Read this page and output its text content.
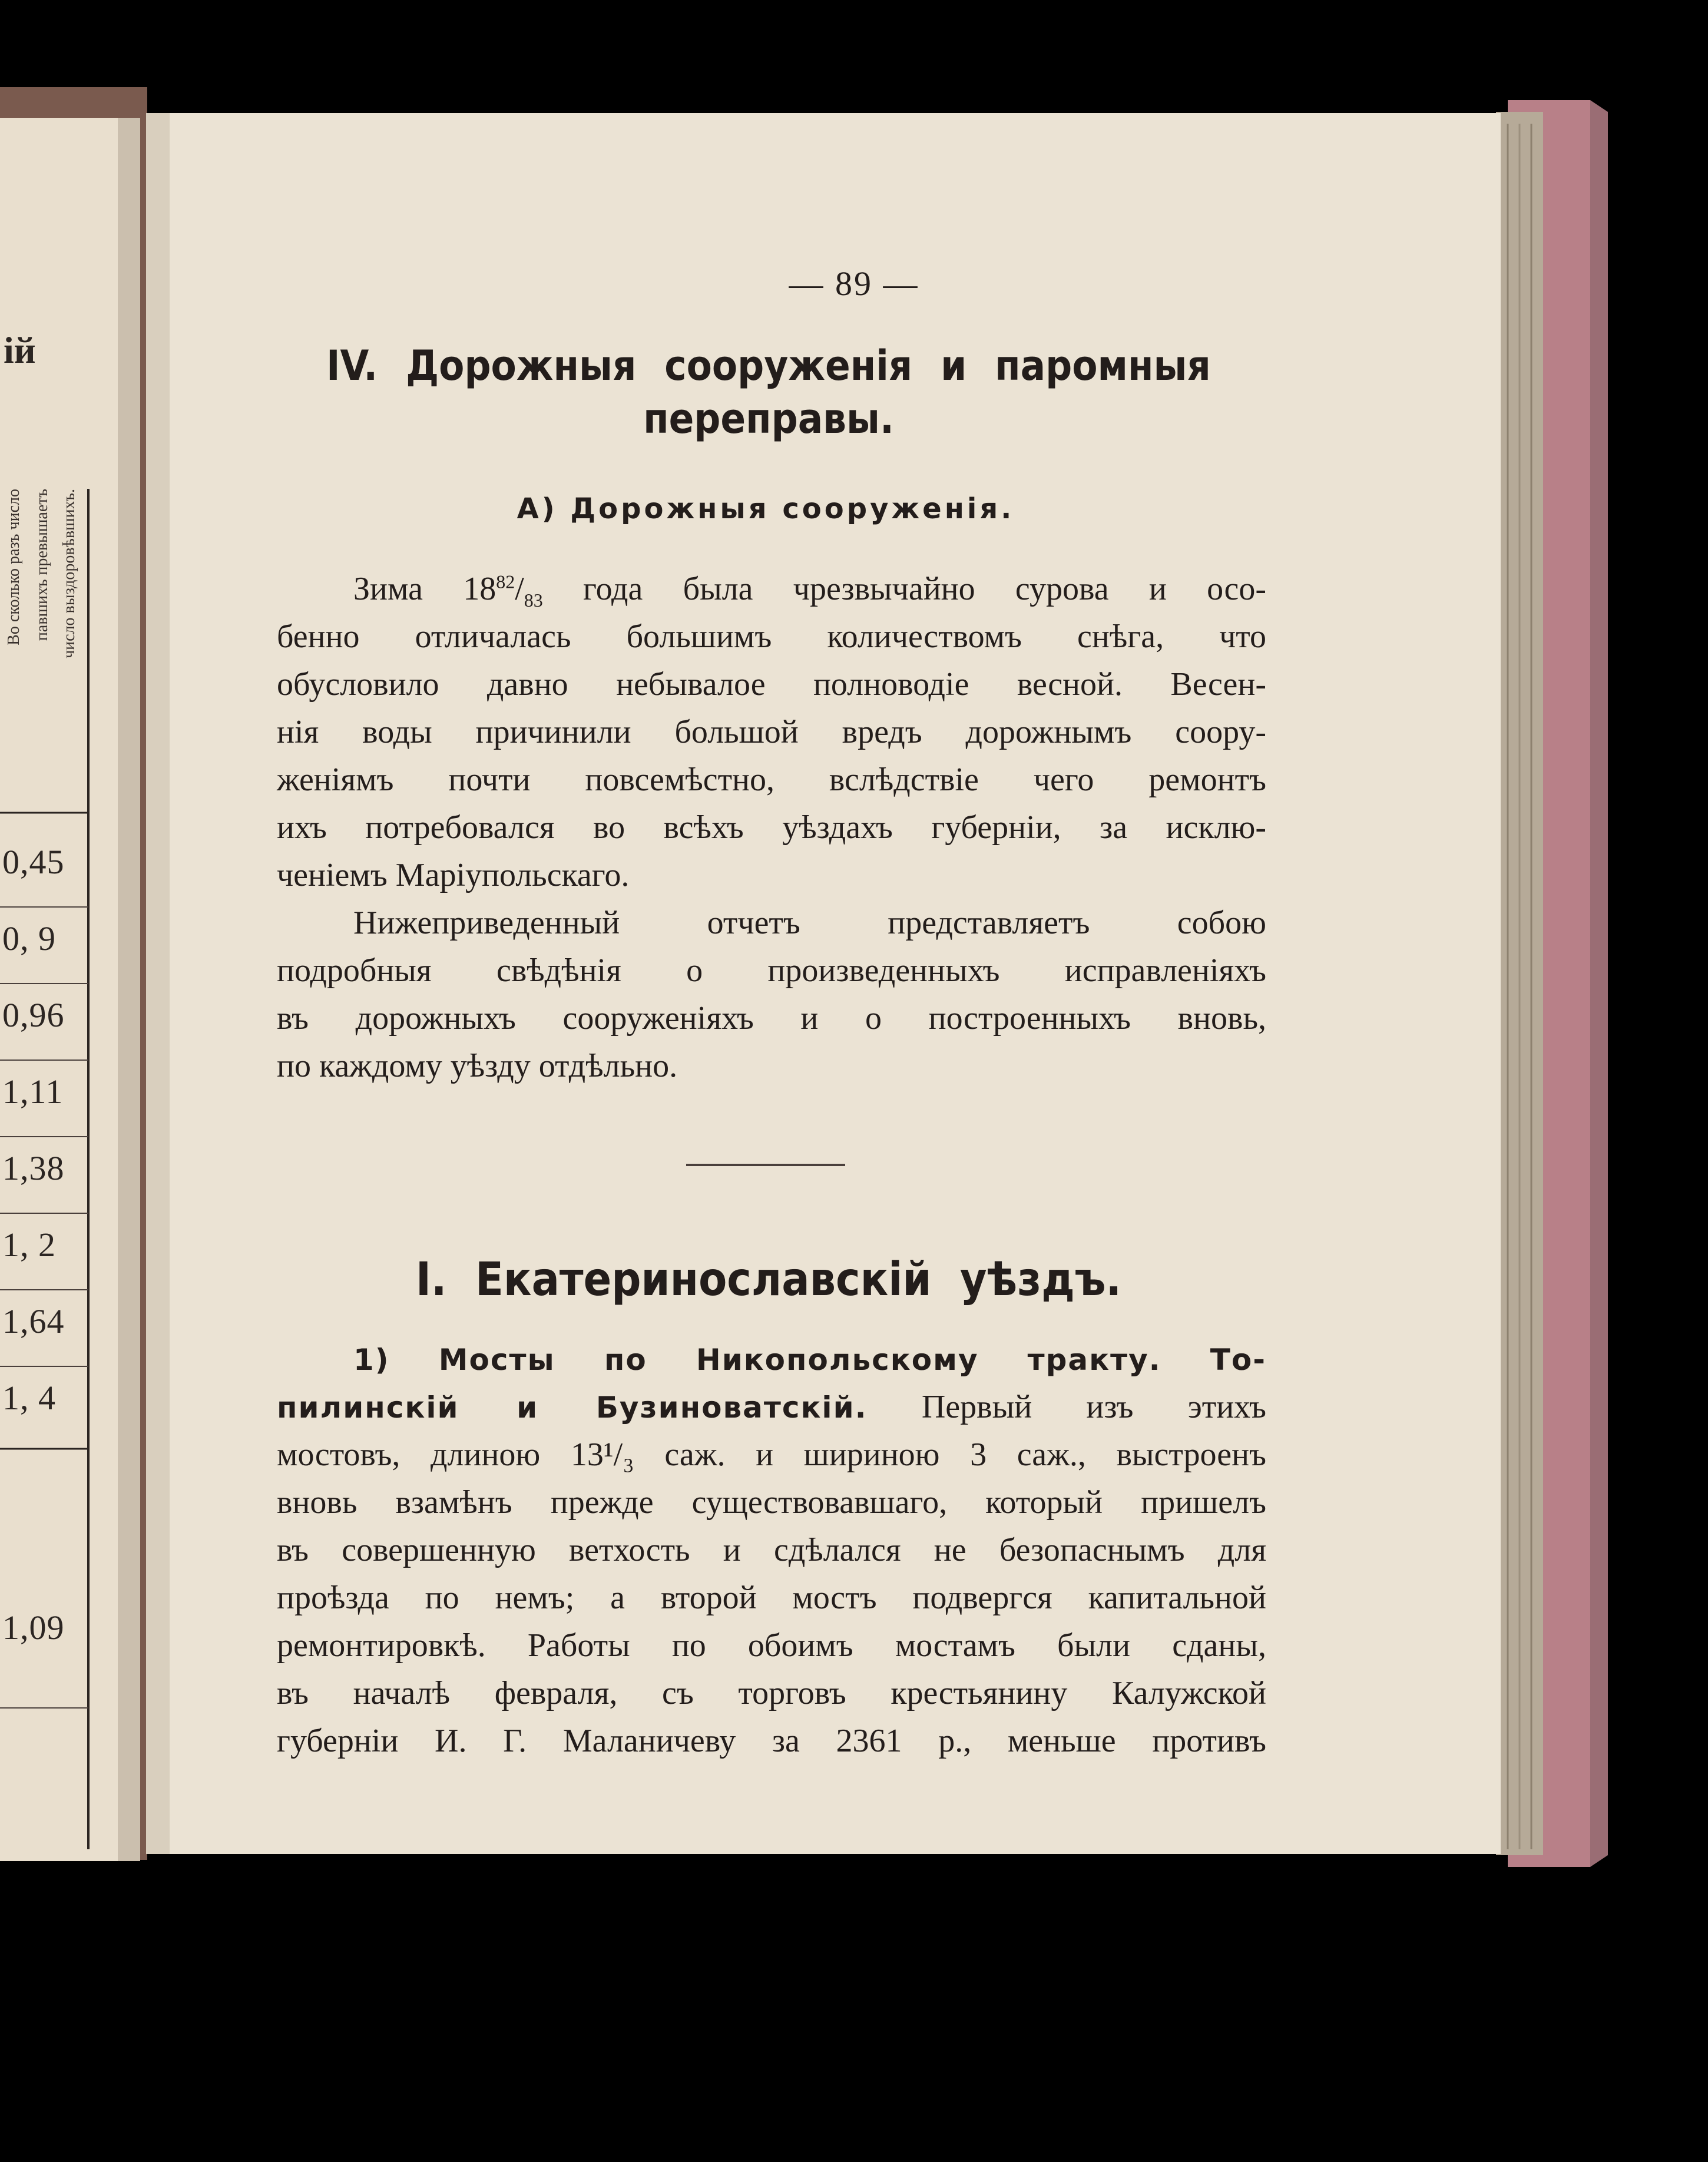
ій
Во сколько разъ число павшихъ превышаетъ число выздоровѣвшихъ.
0,45
0, 9
0,96
1,11
1,38
1, 2
1,64
1, 4
1,09
— 89 —
IV. Дорожныя сооруженія и паромныя
переправы.
А) Дорожныя сооруженія.
Зима $18^{82}/_{83}$ года была чрезвычайно сурова и осо-
бенно отличалась большимъ количествомъ снѣга, что
обусловило давно небывалое полноводіе весной. Весен-
нія воды причинили большой вредъ дорожнымъ соору-
женіямъ почти повсемѣстно, вслѣдствіе чего ремонтъ
ихъ потребовался во всѣхъ уѣздахъ губерніи, за исклю-
ченіемъ Маріупольскаго.
Нижеприведенный отчетъ представляетъ собою
подробныя свѣдѣнія о произведенныхъ исправленіяхъ
въ дорожныхъ сооруженіяхъ и о построенныхъ вновь,
по каждому уѣзду отдѣльно.
I. Екатеринославскій уѣздъ.
1) Мосты по Никопольскому тракту. То-
пилинскій и Бузиноватскій. Первый изъ этихъ
мостовъ, длиною 13¹/₃ саж. и шириною 3 саж., выстроенъ
вновь взамѣнъ прежде существовавшаго, который пришелъ
въ совершенную ветхость и сдѣлался не безопаснымъ для
проѣзда по немъ; а второй мостъ подвергся капитальной
ремонтировкѣ. Работы по обоимъ мостамъ были сданы,
въ началѣ февраля, съ торговъ крестьянину Калужской
губерніи И. Г. Маланичеву за 2361 р., меньше противъ
